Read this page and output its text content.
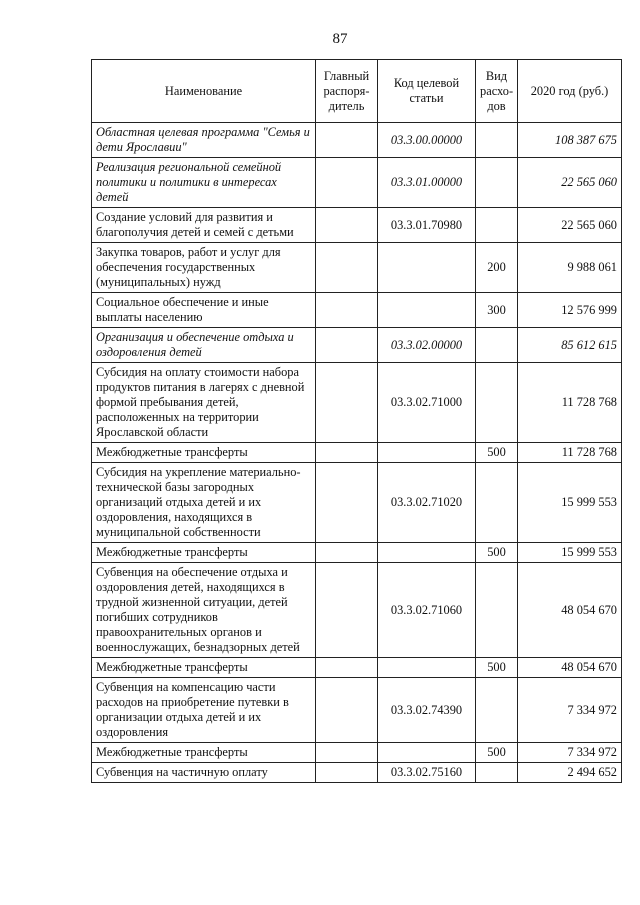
87
Наименование	Главный распоря-дитель	Код целевой статьи	Вид расхо-дов	2020 год (руб.)
Областная целевая программа "Семья и дети Ярославии"		03.3.00.00000		108 387 675
Реализация региональной семейной политики и политики в интересах детей		03.3.01.00000		22 565 060
Создание условий для развития и благополучия детей и семей с детьми		03.3.01.70980		22 565 060
Закупка товаров, работ и услуг для обеспечения государственных (муниципальных) нужд			200	9 988 061
Социальное обеспечение и иные выплаты населению			300	12 576 999
Организация и обеспечение отдыха и оздоровления детей		03.3.02.00000		85 612 615
Субсидия на оплату стоимости набора продуктов питания в лагерях с дневной формой пребывания детей, расположенных на территории Ярославской области		03.3.02.71000		11 728 768
Межбюджетные трансферты			500	11 728 768
Субсидия на укрепление материально-технической базы загородных организаций отдыха детей и их оздоровления, находящихся в муниципальной собственности		03.3.02.71020		15 999 553
Межбюджетные трансферты			500	15 999 553
Субвенция на обеспечение отдыха и оздоровления детей, находящихся в трудной жизненной ситуации, детей погибших сотрудников правоохранительных органов и военнослужащих, безнадзорных детей		03.3.02.71060		48 054 670
Межбюджетные трансферты			500	48 054 670
Субвенция на компенсацию части расходов на приобретение путевки в организации отдыха детей и их оздоровления		03.3.02.74390		7 334 972
Межбюджетные трансферты			500	7 334 972
Субвенция на частичную оплату		03.3.02.75160		2 494 652
